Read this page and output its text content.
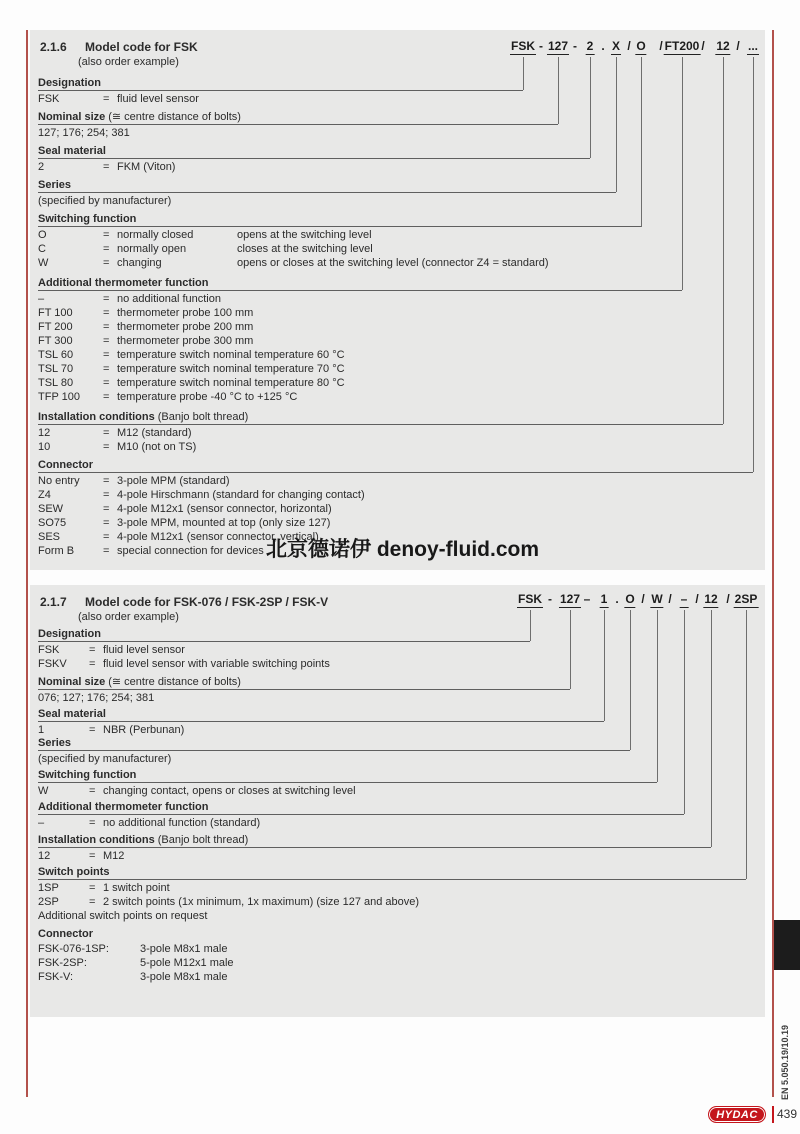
2.1.6 Model code for FSK
(also order example)
FSK - 127 - 2 . X / O / FT200 / 12 / ...
Designation
FSK	= fluid level sensor
Nominal size (≅ centre distance of bolts)
127; 176; 254; 381
Seal material
2	= FKM (Viton)
Series
(specified by manufacturer)
Switching function
O	= normally closed	opens at the switching level
C	= normally open	closes at the switching level
W	= changing	opens or closes at the switching level (connector Z4 = standard)
Additional thermometer function
–	= no additional function
FT 100	= thermometer probe 100 mm
FT 200	= thermometer probe 200 mm
FT 300	= thermometer probe 300 mm
TSL 60	= temperature switch nominal temperature 60 °C
TSL 70	= temperature switch nominal temperature 70 °C
TSL 80	= temperature switch nominal temperature 80 °C
TFP 100 = temperature probe -40 °C to +125 °C
Installation conditions (Banjo bolt thread)
12	= M12 (standard)
10	= M10 (not on TS)
Connector
No entry = 3-pole MPM (standard)
Z4	= 4-pole Hirschmann (standard for changing contact)
SEW	= 4-pole M12x1 (sensor connector, horizontal)
SO75	= 3-pole MPM, mounted at top (only size 127)
SES	= 4-pole M12x1 (sensor connector, vertical)
Form B	= special connection for devices
2.1.7 Model code for FSK-076 / FSK-2SP / FSK-V
(also order example)
FSK - 127 – 1 . O / W / – / 12 / 2SP
Designation
FSK	= fluid level sensor
FSKV = fluid level sensor with variable switching points
Nominal size (≅ centre distance of bolts)
076; 127; 176; 254; 381
Seal material
1	= NBR (Perbunan)
Series
(specified by manufacturer)
Switching function
W	= changing contact, opens or closes at switching level
Additional thermometer function
–	= no additional function (standard)
Installation conditions (Banjo bolt thread)
12	= M12
Switch points
1SP	= 1 switch point
2SP	= 2 switch points (1x minimum, 1x maximum) (size 127 and above)
Additional switch points on request
Connector
FSK-076-1SP:	3-pole M8x1 male
FSK-2SP:	5-pole M12x1 male
FSK-V:	3-pole M8x1 male
北京德诺伊 denoy-fluid.com
EN 5.050.19/10.19
HYDAC	439
